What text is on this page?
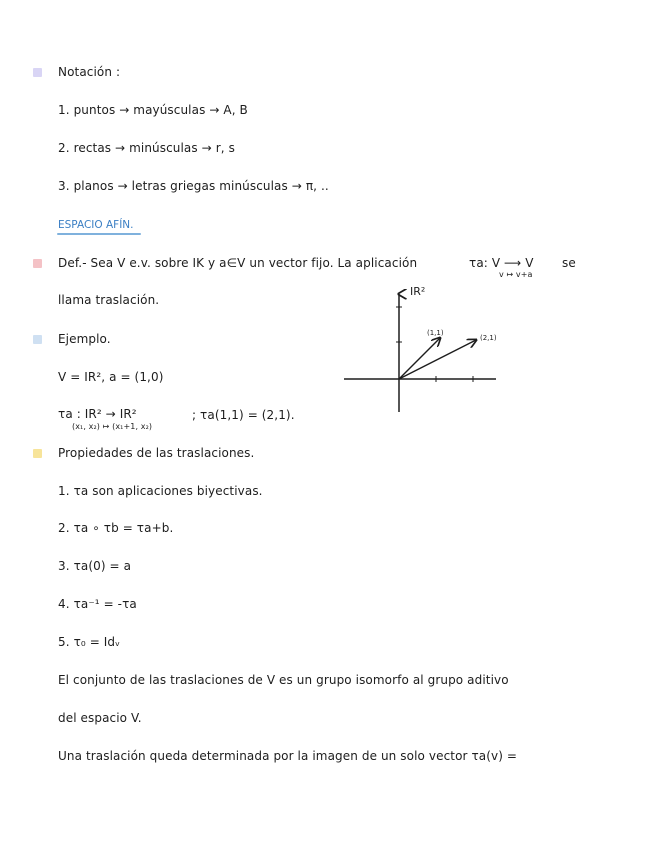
Notación :
1. puntos → mayúsculas → A, B
2. rectas → minúsculas → r, s
3. planos → letras griegas minúsculas → π, ..
ESPACIO AFÍN.
Def.- Sea V e.v. sobre IK y a∈V un vector fijo. La aplicación	τa: V ⟶ V
v ↦ v+a
se
llama traslación.
Ejemplo.
V = IR², a = (1,0)
τa : IR² → IR²
(x₁, x₂) ↦ (x₁+1, x₂)
; τa(1,1) = (2,1).
IR²
(1,1)
(2,1)
Propiedades de las traslaciones.
1. τa son aplicaciones biyectivas.
2. τa ∘ τb = τa+b.
3. τa(0) = a
4. τa⁻¹ = -τa
5. τ₀ = Idᵥ
El conjunto de las traslaciones de V es un grupo isomorfo al grupo aditivo
del espacio V.
Una traslación queda determinada por la imagen de un solo vector τa(v) =
